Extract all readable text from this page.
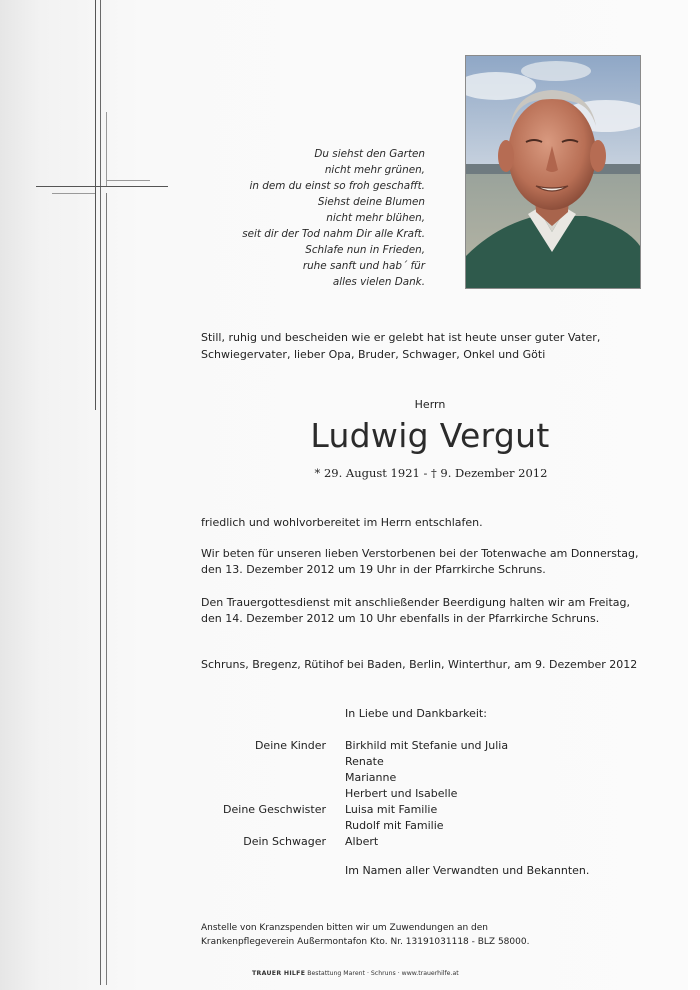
Du siehst den Garten
nicht mehr grünen,
in dem du einst so froh geschafft.
Siehst deine Blumen
nicht mehr blühen,
seit dir der Tod nahm Dir alle Kraft.
Schlafe nun in Frieden,
ruhe sanft und hab´ für
alles vielen Dank.
Still, ruhig und bescheiden wie er gelebt hat ist heute unser guter Vater,
Schwiegervater, lieber Opa, Bruder, Schwager, Onkel und Göti
Herrn
Ludwig Vergut
* 29. August 1921 - † 9. Dezember 2012
friedlich und wohlvorbereitet im Herrn entschlafen.
Wir beten für unseren lieben Verstorbenen bei der Totenwache am Donnerstag,
den 13. Dezember 2012 um 19 Uhr in der Pfarrkirche Schruns.
Den Trauergottesdienst mit anschließender Beerdigung halten wir am Freitag,
den 14. Dezember 2012 um 10 Uhr ebenfalls in der Pfarrkirche Schruns.
Schruns, Bregenz, Rütihof bei Baden, Berlin, Winterthur, am 9. Dezember 2012
In Liebe und Dankbarkeit:
Deine Kinder
Deine Geschwister
Dein Schwager
Birkhild mit Stefanie und Julia
Renate
Marianne
Herbert und Isabelle
Luisa mit Familie
Rudolf mit Familie
Albert
Im Namen aller Verwandten und Bekannten.
Anstelle von Kranzspenden bitten wir um Zuwendungen an den
Krankenpflegeverein Außermontafon Kto. Nr. 13191031118 - BLZ 58000.
TRAUER HILFE Bestattung Marent · Schruns · www.trauerhilfe.at
